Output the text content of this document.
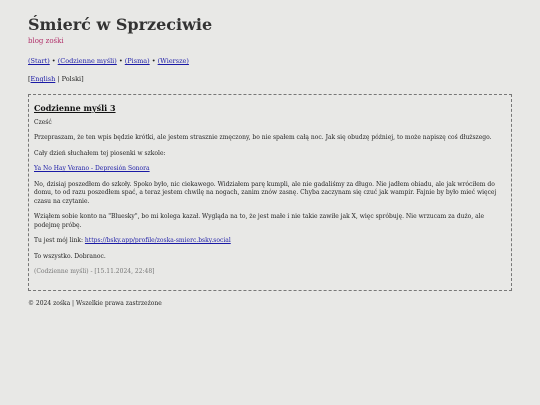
Śmierć w Sprzeciwie
blog zośki
(Start) • (Codzienne myśli) • (Pisma) • (Wiersze)
[English | Polski]
Codzienne myśli 3

Cześć

Przepraszam, że ten wpis będzie krótki, ale jestem strasznie zmęczony, bo nie spałem całą noc. Jak się obudzę później, to może napiszę coś dłuższego.

Cały dzień słuchałem tej piosenki w szkole:

Ya No Hay Verano - Depresión Sonora

No, dzisiaj poszedłem do szkoły. Spoko było, nic ciekawego. Widziałem parę kumpli, ale nie gadaliśmy za długo. Nie jadłem obiadu, ale jak wróciłem do domu, to od razu poszedłem spać, a teraz jestem chwilę na nogach, zanim znów zasnę. Chyba zaczynam się czuć jak wampir. Fajnie by było mieć więcej czasu na czytanie.

Wziąłem sobie konto na "Bluesky", bo mi kolega kazał. Wygląda na to, że jest małe i nie takie zawiłe jak X, więc spróbuję. Nie wrzucam za dużo, ale podejmę próbę.

Tu jest mój link: https://bsky.app/profile/zoska-smierc.bsky.social

To wszystko. Dobranoc.

(Codzienne myśli) - [15.11.2024, 22:48]

© 2024 zośka | Wszelkie prawa zastrzeżone
